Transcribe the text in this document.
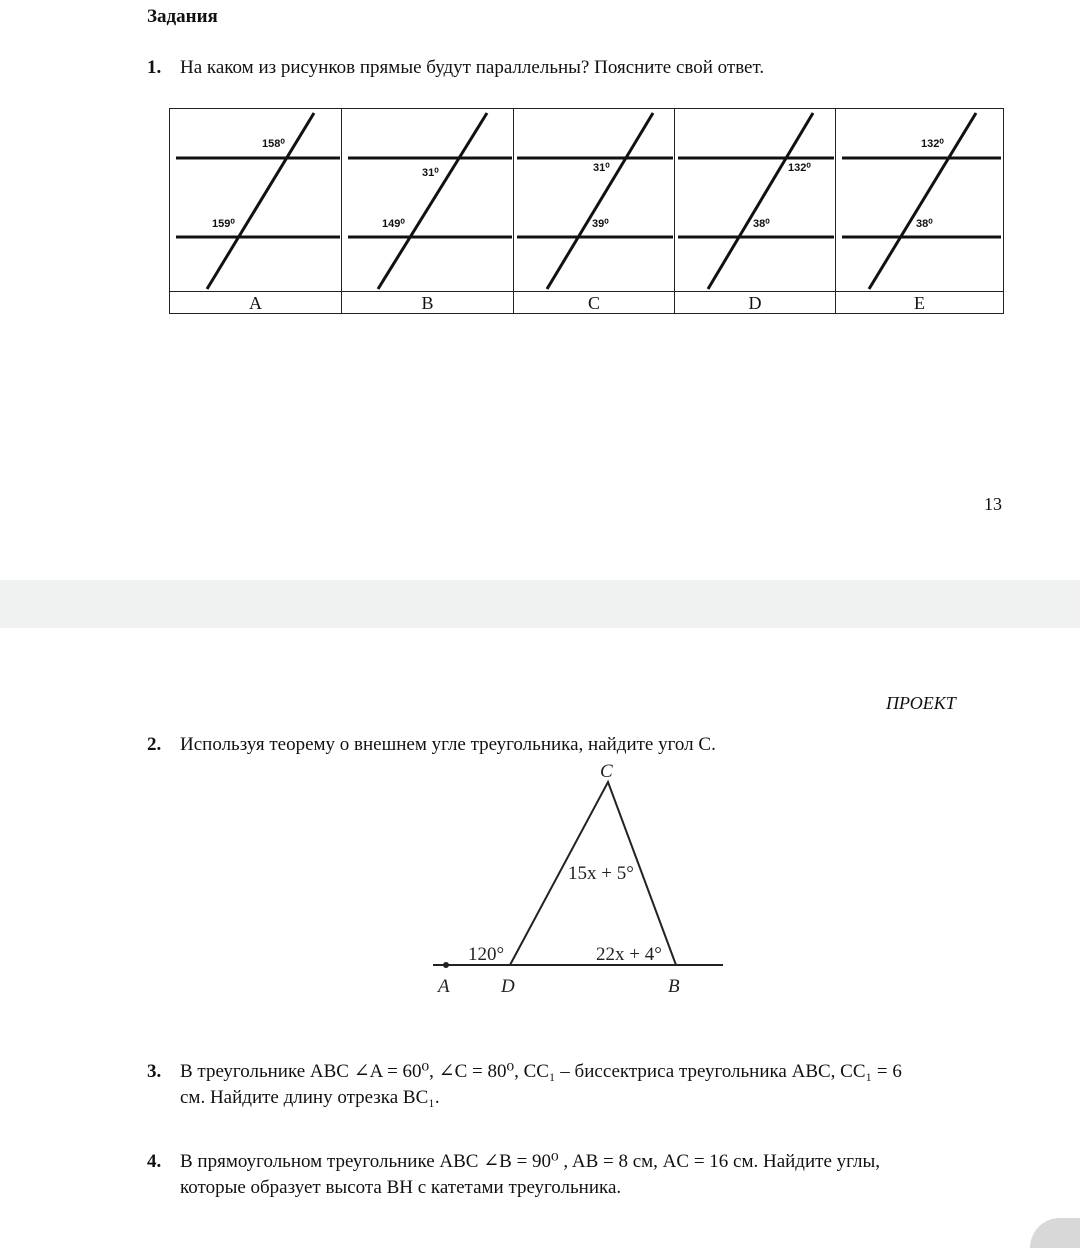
Задания
1. На каком из рисунков прямые будут параллельны? Поясните свой ответ.
158⁰
159⁰
A
31⁰
149⁰
B
31⁰
39⁰
C
132⁰
38⁰
D
132⁰
38⁰
E
13
ПРОЕКТ
2. Используя теорему о внешнем угле треугольника, найдите угол C.
C
A	D	B
15x + 5°
22x + 4°
120°
3. В треугольнике ABC ∠A = 60⁰, ∠C = 80⁰, CC₁ – биссектриса треугольника ABC, CC₁ = 6
см. Найдите длину отрезка BC₁.
4. В прямоугольном треугольнике ABC ∠B = 90⁰ , AB = 8 см, AC = 16 см. Найдите углы,
которые образует высота BH с катетами треугольника.
